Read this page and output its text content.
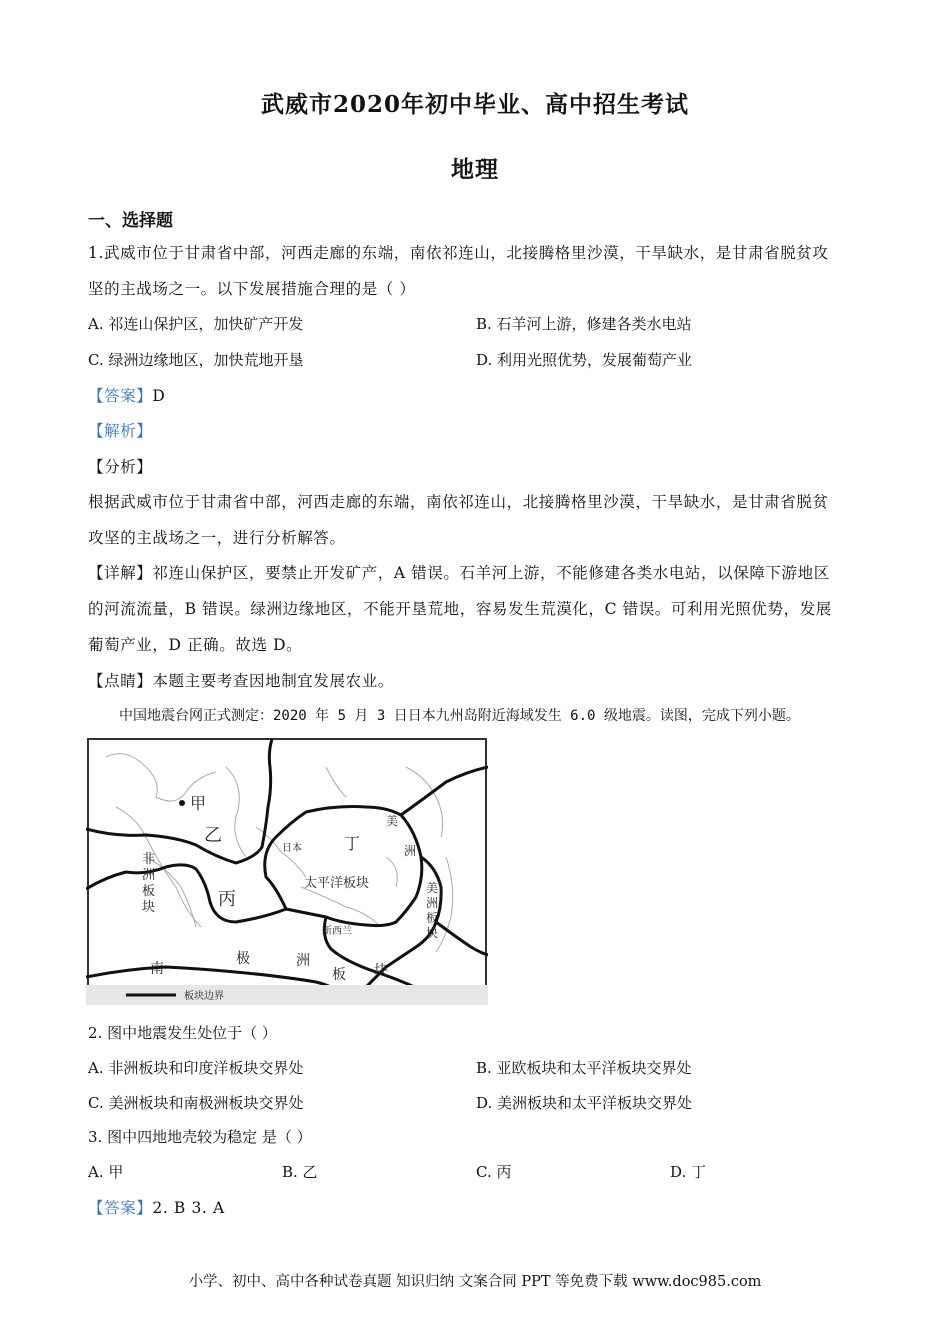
武威市2020年初中毕业、高中招生考试
地理
一、选择题
1.武威市位于甘肃省中部，河西走廊的东端，南依祁连山，北接腾格里沙漠，干旱缺水，是甘肃省脱贫攻
坚的主战场之一。以下发展措施合理的是（ ）
A. 祁连山保护区，加快矿产开发	B. 石羊河上游，修建各类水电站
C. 绿洲边缘地区，加快荒地开垦	D. 利用光照优势，发展葡萄产业
【答案】D
【解析】
【分析】
根据武威市位于甘肃省中部，河西走廊的东端，南依祁连山，北接腾格里沙漠，干旱缺水，是甘肃省脱贫
攻坚的主战场之一，进行分析解答。
【详解】祁连山保护区，要禁止开发矿产，A 错误。石羊河上游，不能修建各类水电站，以保障下游地区
的河流流量，B 错误。绿洲边缘地区，不能开垦荒地，容易发生荒漠化，C 错误。可利用光照优势，发展
葡萄产业，D 正确。故选 D。
【点睛】本题主要考查因地制宜发展农业。
中国地震台网正式测定：2020 年 5 月 3 日日本九州岛附近海域发生 6.0 级地震。读图，完成下列小题。
板块边界
甲
乙
丙
丁
日本
太平洋板块
新西兰
非
洲
板
块
南
极	洲
板 块
美
洲
美
洲
板
块
2. 图中地震发生处位于（ ）
A. 非洲板块和印度洋板块交界处	B. 亚欧板块和太平洋板块交界处
C. 美洲板块和南极洲板块交界处	D. 美洲板块和太平洋板块交界处
3. 图中四地地壳较为稳定 是（ ）
A. 甲	B. 乙	C. 丙	D. 丁
【答案】2. B 3. A
小学、初中、高中各种试卷真题 知识归纳 文案合同 PPT 等免费下载 www.doc985.com
